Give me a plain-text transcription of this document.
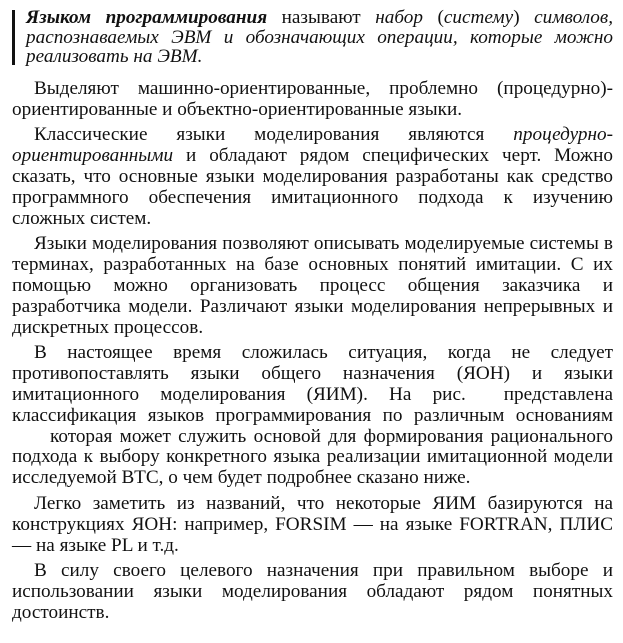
Языком программирования называют набор (систему) символов, распознаваемых ЭВМ и обозначающих операции, которые можно реализовать на ЭВМ.

Выделяют машинно-ориентированные, проблемно (процедурно)-ориентированные и объектно-ориентированные языки.

Классические языки моделирования являются процедурно-ориентированными и обладают рядом специфических черт. Можно сказать, что основные языки моделирования разработаны как средство программного обеспечения имитационного подхода к изучению сложных систем.

Языки моделирования позволяют описывать моделируемые системы в терминах, разработанных на базе основных понятий имитации. С их помощью можно организовать процесс общения заказчика и разработчика модели. Различают языки моделирования непрерывных и дискретных процессов.

В настоящее время сложилась ситуация, когда не следует противопоставлять языки общего назначения (ЯОН) и языки имитационного моделирования (ЯИМ). На рис. представлена классификация языков программирования по различным основаниямкоторая может служить основой для формирования рационального подхода к выбору конкретного языка реализации имитационной модели исследуемой ВТС, о чем будет подробнее сказано ниже.

Легко заметить из названий, что некоторые ЯИМ базируются на конструкциях ЯОН: например, FORSIM — на языке FORTRAN, ПЛИС — на языке PL и т.д.

В силу своего целевого назначения при правильном выборе и использовании языки моделирования обладают рядом понятных достоинств.
